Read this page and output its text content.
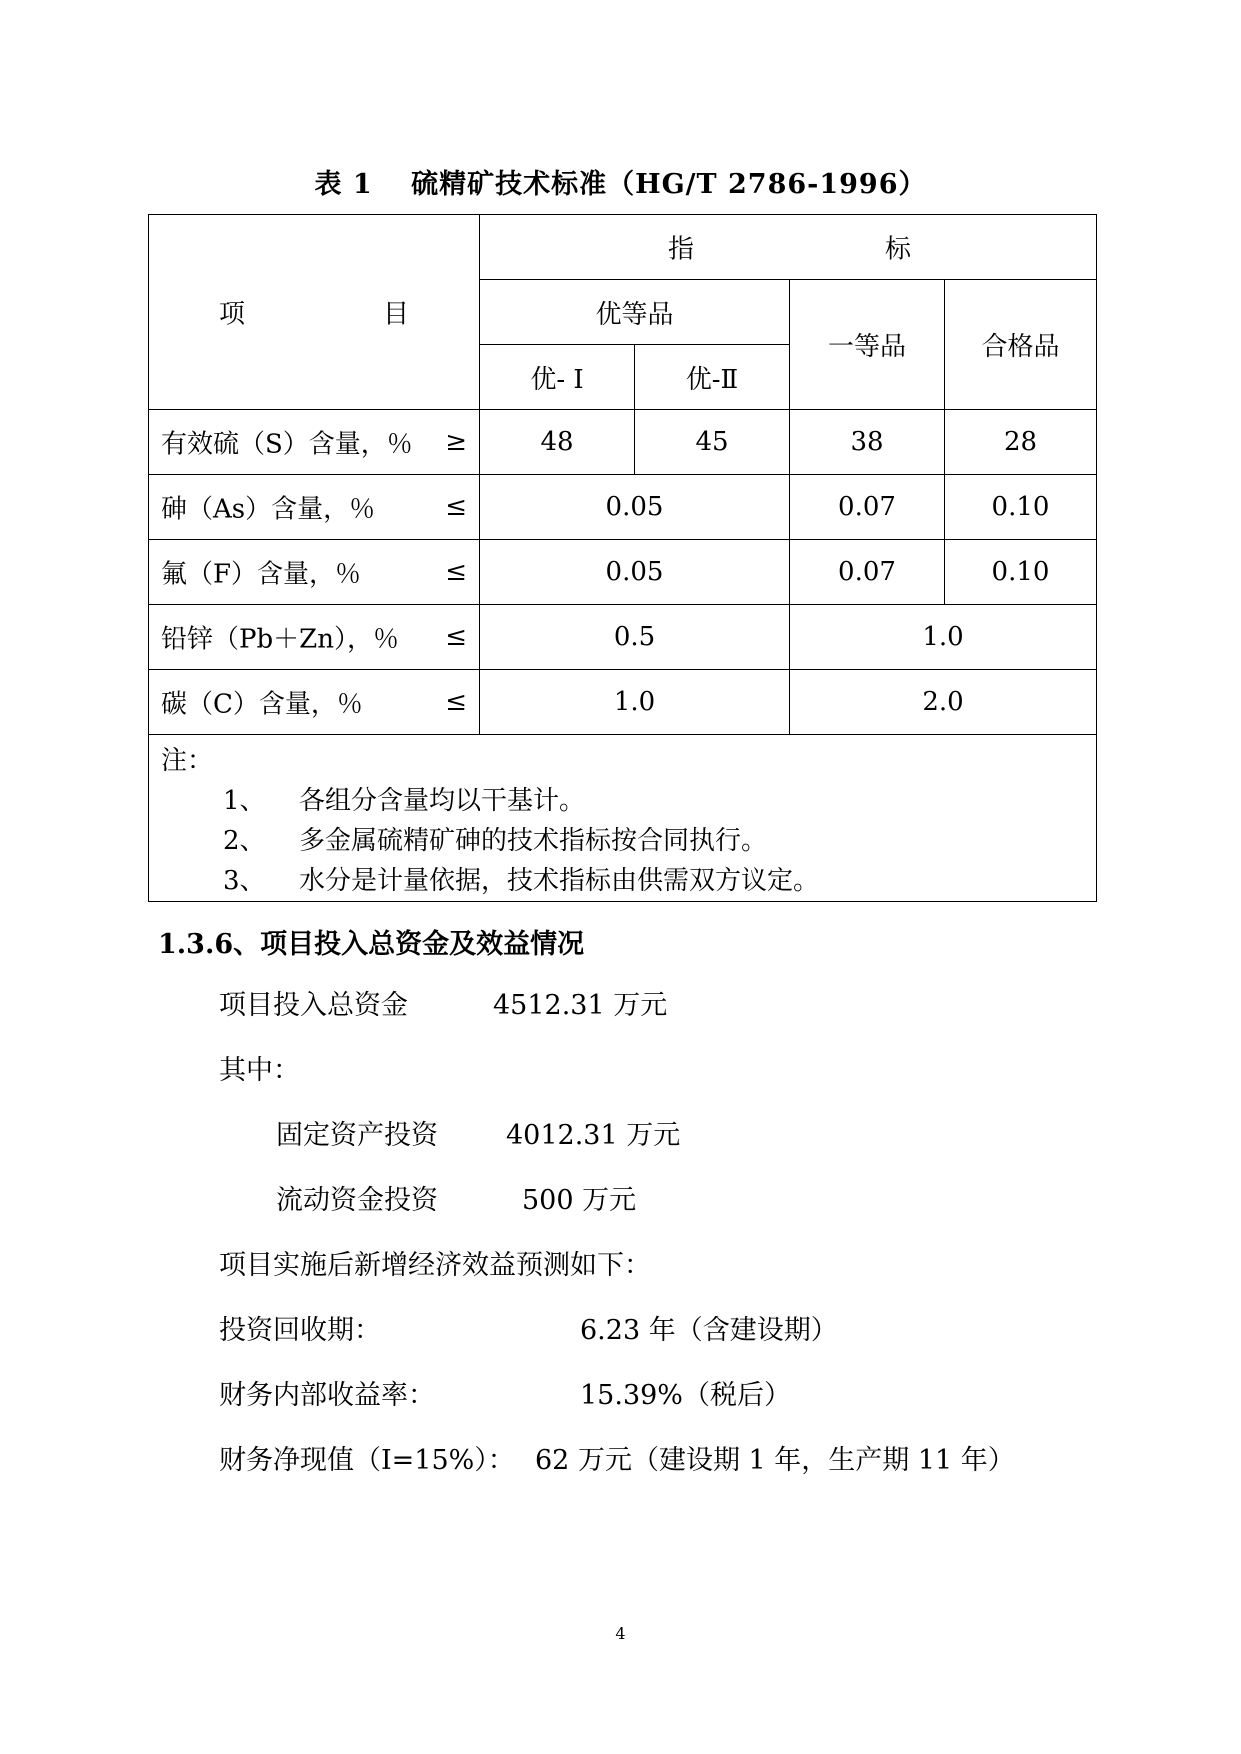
表 1　 硫精矿技术标准（HG/T 2786-1996）
项 目	指 标			

	优等品		一等品	合格品
	优- I	优-Ⅱ		

有效硫（S）含量，％ ≥	48	45	38	28

砷（As）含量，％ ≤	0.05		0.07	0.10

氟（F）含量，％ ≤	0.05		0.07	0.10

铅锌（Pb＋Zn），％ ≤	0.5		1.0	

碳（C）含量，％ ≤	1.0		2.0	

注：
1、 各组分含量均以干基计。
2、 多金属硫精矿砷的技术指标按合同执行。
3、 水分是计量依据，技术指标由供需双方议定。				
1.3.6、项目投入总资金及效益情况
项目投入总资金	4512.31 万元
其中：
固定资产投资	4012.31 万元
流动资金投资	500 万元
项目实施后新增经济效益预测如下：
投资回收期：	6.23 年（含建设期）
财务内部收益率：	15.39%（税后）
财务净现值（I=15%）： 62 万元（建设期 1 年，生产期 11 年）
4
